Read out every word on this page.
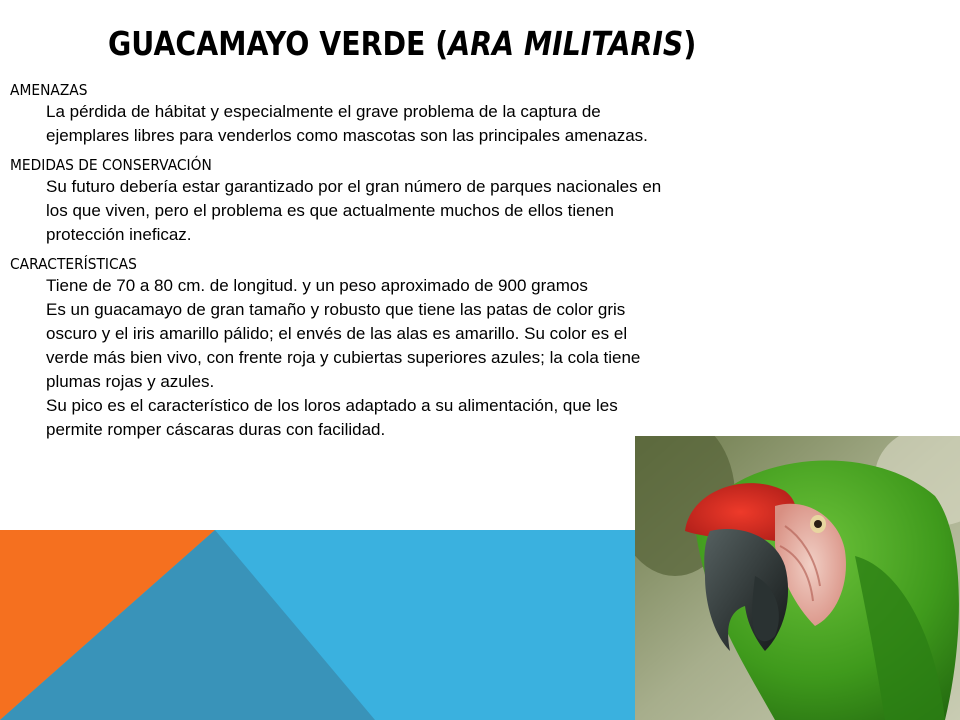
GUACAMAYO VERDE (ARA MILITARIS)

AMENAZAS

La pérdida de hábitat y especialmente el grave problema de la captura de
ejemplares libres para venderlos como mascotas son las principales amenazas.

MEDIDAS DE CONSERVACIÓN

Su futuro debería estar garantizado por el gran número de parques nacionales en
los que viven, pero el problema es que actualmente muchos de ellos tienen
protección ineficaz.

CARACTERÍSTICAS

Tiene de 70 a 80 cm. de longitud. y un peso aproximado de 900 gramos
Es un guacamayo de gran tamaño y robusto que tiene las patas de color gris
oscuro y el iris amarillo pálido; el envés de las alas es amarillo. Su color es el
verde más bien vivo, con frente roja y cubiertas superiores azules; la cola tiene
plumas rojas y azules.
Su pico es el característico de los loros adaptado a su alimentación, que les
permite romper cáscaras duras con facilidad.
